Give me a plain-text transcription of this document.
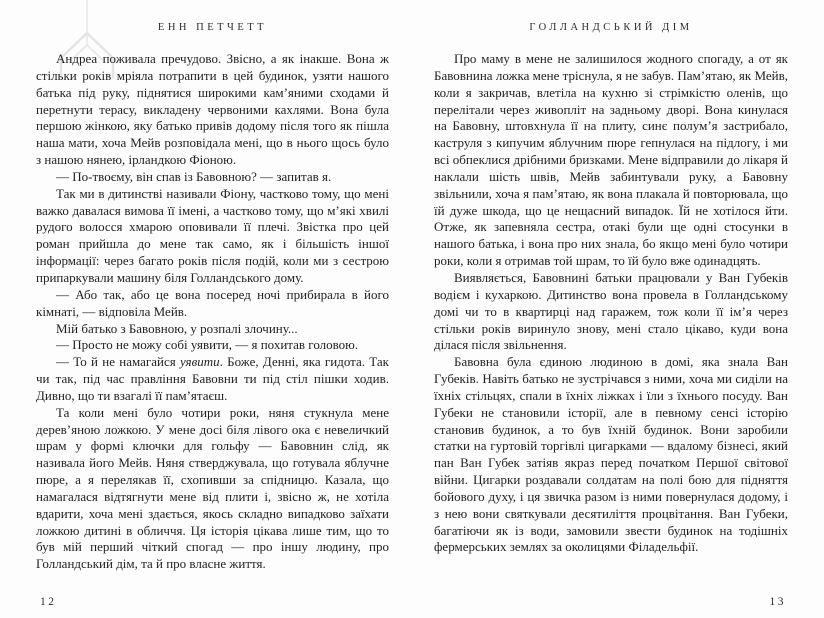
ЕНН ПЕТЧЕТТ

Андреа поживала пречудово. Звісно, а як інакше. Вона ж стільки років мріяла потрапити в цей будинок, узяти нашого батька під руку, піднятися широкими кам’яними сходами й перетнути терасу, викладену червоними кахлями. Вона була першою жінкою, яку батько привів додому після того як пішла наша мати, хоча Мейв розповідала мені, що в нього щось було з нашою нянею, ірландкою Фіоною.

— По-твоєму, він спав із Бавовною? — запитав я.

Так ми в дитинстві називали Фіону, частково тому, що мені важко давалася вимова її імені, а частково тому, що м’які хвилі рудого волосся хмарою оповивали її плечі. Звістка про цей роман прийшла до мене так само, як і більшість іншої інформації: через багато років після подій, коли ми з сестрою припаркували машину біля Голландського дому.

— Або так, або це вона посеред ночі прибирала в його кімнаті, — відповіла Мейв.

Мій батько з Бавовною, у розпалі злочину...

— Просто не можу собі уявити, — я похитав головою.

— То й не намагайся уявити. Боже, Денні, яка гидота. Так чи так, під час правління Бавовни ти під стіл пішки ходив. Дивно, що ти взагалі її пам’ятаєш.

Та коли мені було чотири роки, няня стукнула мене дерев’яною ложкою. У мене досі біля лівого ока є невеличкий шрам у формі ключки для гольфу — Бавовнин слід, як називала його Мейв. Няня стверджувала, що готувала яблучне пюре, а я перелякав її, схопивши за спідницю. Казала, що намагалася відтягнути мене від плити і, звісно ж, не хотіла вдарити, хоча мені здається, якось складно випадково заїхати ложкою дитині в обличчя. Ця історія цікава лише тим, що то був мій перший чіткий спогад — про іншу людину, про Голландський дім, та й про власне життя.

12
ГОЛЛАНДСЬКИЙ ДІМ

Про маму в мене не залишилося жодного спогаду, а от як Бавовнина ложка мене тріснула, я не забув. Пам’ятаю, як Мейв, коли я закричав, влетіла на кухню зі стрімкістю оленів, що перелітали через живопліт на задньому дворі. Вона кинулася на Бавовну, штовхнула її на плиту, синє полум’я застрибало, каструля з кипучим яблучним пюре гепнулася на підлогу, і ми всі обпеклися дрібними бризками. Мене відправили до лікаря й наклали шість швів, Мейв забинтували руку, а Бавовну звільнили, хоча я пам’ятаю, як вона плакала й повторювала, що їй дуже шкода, що це нещасний випадок. Їй не хотілося йти. Отже, як запевняла сестра, отакі були ще одні стосунки в нашого батька, і вона про них знала, бо якщо мені було чотири роки, коли я отримав той шрам, то їй було вже одинадцять.

Виявляється, Бавовнині батьки працювали у Ван Губеків водієм і кухаркою. Дитинство вона провела в Голландському домі чи то в квартирці над гаражем, тож коли її ім’я через стільки років виринуло знову, мені стало цікаво, куди вона ділася після звільнення.

Бавовна була єдиною людиною в домі, яка знала Ван Губеків. Навіть батько не зустрічався з ними, хоча ми сиділи на їхніх стільцях, спали в їхніх ліжках і їли з їхнього посуду. Ван Губеки не становили історії, але в певному сенсі історію становив будинок, а то був їхній будинок. Вони заробили статки на гуртовій торгівлі цигарками — вдалому бізнесі, який пан Ван Губек затіяв якраз перед початком Першої світової війни. Цигарки роздавали солдатам на полі бою для підняття бойового духу, і ця звичка разом із ними повернулася додому, і з нею вони святкували десятиліття процвітання. Ван Губеки, багатіючи як із води, замовили звести будинок на тодішніх фермерських землях за околицями Філадельфії.

13
